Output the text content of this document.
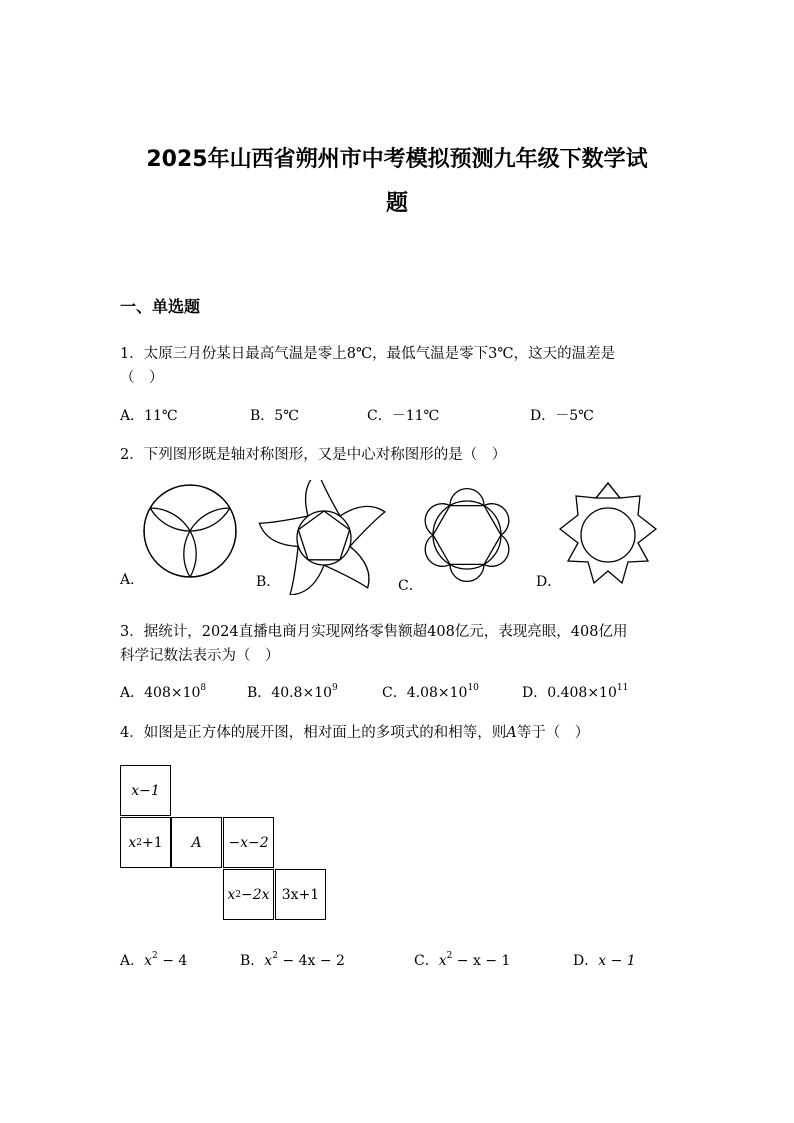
2025年山西省朔州市中考模拟预测九年级下数学试
题
一、单选题
1．太原三月份某日最高气温是零上8℃，最低气温是零下3℃，这天的温差是
（　）
A．11℃	B．5℃	C．－11℃	D．－5℃
2．下列图形既是轴对称图形，又是中心对称图形的是（　）
A．	B．	C．	D．
3．据统计，2024直播电商月实现网络零售额超408亿元，表现亮眼，408亿用
科学记数法表示为（　）
A．$408\times 10^8$	B．$40.8\times 10^9$	C．$4.08\times 10^{10}$	D．$0.408\times 10^{11}$
4．如图是正方体的展开图，相对面上的多项式的和相等，则A等于（　）
x−1
x 2 +1	A	−x−2
x 2 −2x 3x+1
A．$x^2 - 4$	B．$x^2 - 4x - 2$	C．$x^2 - x - 1$	D．x − 1
